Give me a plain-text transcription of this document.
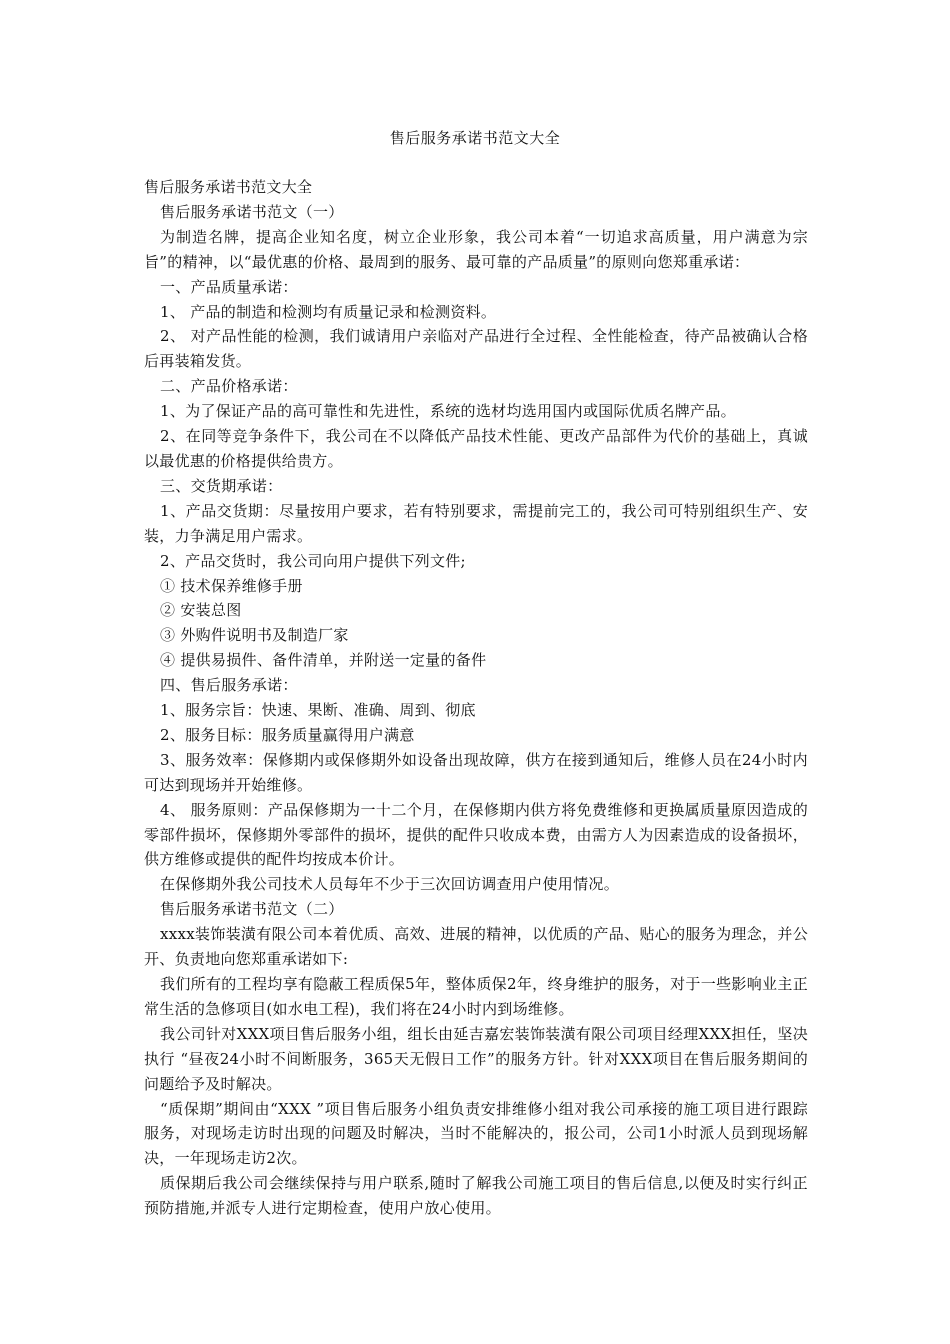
售后服务承诺书范文大全

售后服务承诺书范文大全

售后服务承诺书范文（一）

为制造名牌，提高企业知名度，树立企业形象，我公司本着“一切追求高质量，用户满意为宗旨”的精神，以“最优惠的价格、最周到的服务、最可靠的产品质量”的原则向您郑重承诺：

一、产品质量承诺：

1、 产品的制造和检测均有质量记录和检测资料。

2、 对产品性能的检测，我们诚请用户亲临对产品进行全过程、全性能检查，待产品被确认合格后再装箱发货。

二、产品价格承诺：

1、为了保证产品的高可靠性和先进性，系统的选材均选用国内或国际优质名牌产品。

2、在同等竞争条件下，我公司在不以降低产品技术性能、更改产品部件为代价的基础上，真诚以最优惠的价格提供给贵方。

三、交货期承诺：

1、产品交货期：尽量按用户要求，若有特别要求，需提前完工的，我公司可特别组织生产、安装，力争满足用户需求。

2、产品交货时，我公司向用户提供下列文件;

① 技术保养维修手册

② 安装总图

③ 外购件说明书及制造厂家

④ 提供易损件、备件清单，并附送一定量的备件

四、售后服务承诺：

1、服务宗旨：快速、果断、准确、周到、彻底

2、服务目标：服务质量赢得用户满意

3、服务效率：保修期内或保修期外如设备出现故障，供方在接到通知后，维修人员在24小时内可达到现场并开始维修。

4、 服务原则：产品保修期为一十二个月，在保修期内供方将免费维修和更换属质量原因造成的零部件损坏，保修期外零部件的损坏，提供的配件只收成本费，由需方人为因素造成的设备损坏，供方维修或提供的配件均按成本价计。

在保修期外我公司技术人员每年不少于三次回访调查用户使用情况。

售后服务承诺书范文（二）

xxxx装饰装潢有限公司本着优质、高效、进展的精神，以优质的产品、贴心的服务为理念，并公开、负责地向您郑重承诺如下:

我们所有的工程均享有隐蔽工程质保5年，整体质保2年，终身维护的服务，对于一些影响业主正常生活的急修项目(如水电工程)，我们将在24小时内到场维修。

我公司针对XXX项目售后服务小组，组长由延吉嘉宏装饰装潢有限公司项目经理XXX担任，坚决执行 “昼夜24小时不间断服务，365天无假日工作”的服务方针。针对XXX项目在售后服务期间的问题给予及时解决。

“质保期”期间由“XXX ”项目售后服务小组负责安排维修小组对我公司承接的施工项目进行跟踪服务，对现场走访时出现的问题及时解决，当时不能解决的，报公司，公司1小时派人员到现场解决，一年现场走访2次。

质保期后我公司会继续保持与用户联系,随时了解我公司施工项目的售后信息,以便及时实行纠正预防措施,并派专人进行定期检查，使用户放心使用。
